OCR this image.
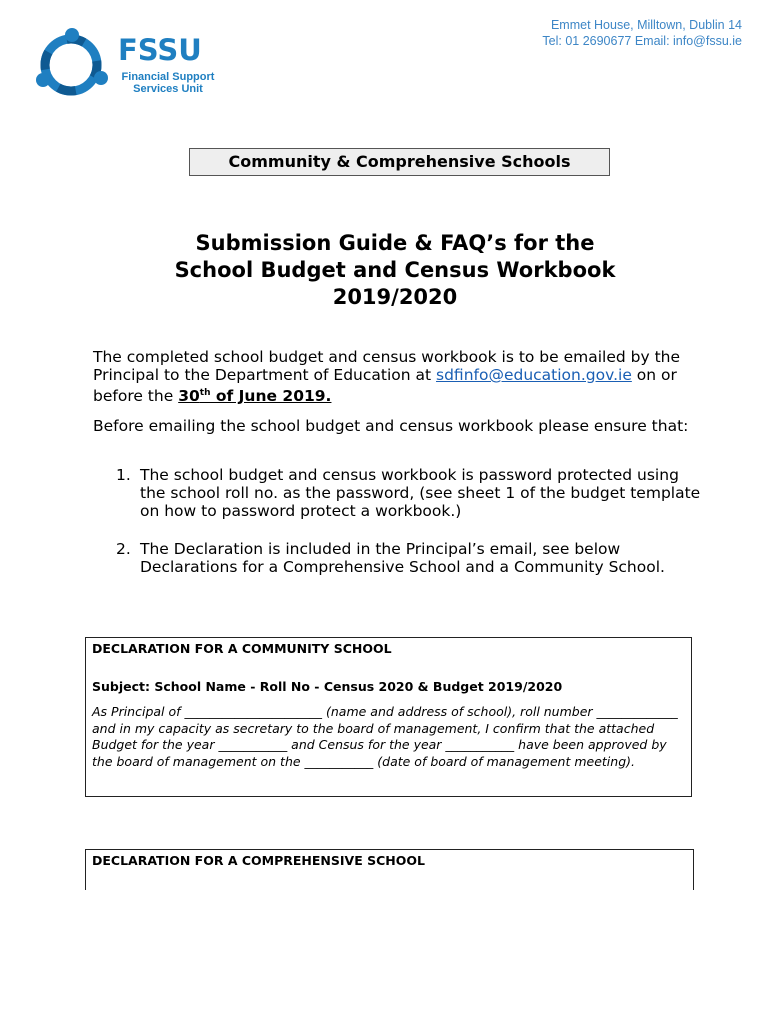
Emmet House, Milltown, Dublin 14
Tel: 01 2690677 Email: info@fssu.ie
FSSU
Financial Support
Services Unit
Community & Comprehensive Schools
Submission Guide & FAQ’s for the
School Budget and Census Workbook
2019/2020
The completed school budget and census workbook is to be emailed by the Principal to the Department of Education at sdfinfo@education.gov.ie on or before the 30th of June 2019.
Before emailing the school budget and census workbook please ensure that:
1. The school budget and census workbook is password protected using the school roll no. as the password, (see sheet 1 of the budget template on how to password protect a workbook.)
2. The Declaration is included in the Principal’s email, see below Declarations for a Comprehensive School and a Community School.
DECLARATION FOR A COMMUNITY SCHOOL
Subject: School Name - Roll No - Census 2020 & Budget 2019/2020
As Principal of ______________________ (name and address of school), roll number _____________ and in my capacity as secretary to the board of management, I confirm that the attached Budget for the year ___________ and Census for the year ___________ have been approved by the board of management on the ___________ (date of board of management meeting).
DECLARATION FOR A COMPREHENSIVE SCHOOL
